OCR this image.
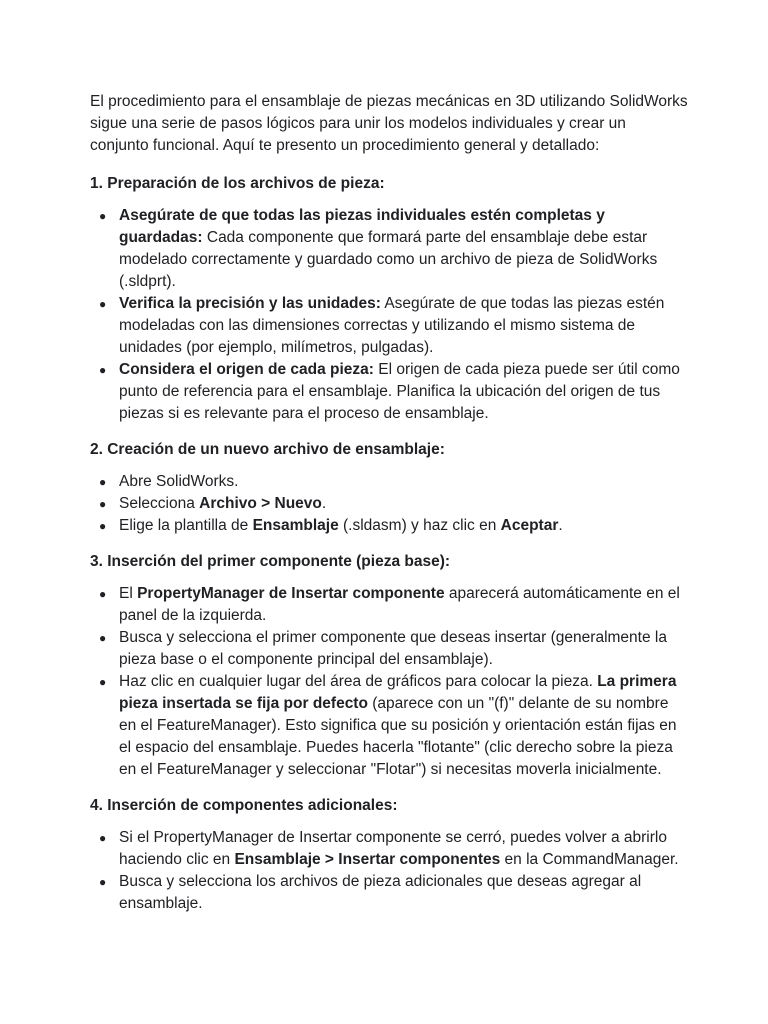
El procedimiento para el ensamblaje de piezas mecánicas en 3D utilizando SolidWorks sigue una serie de pasos lógicos para unir los modelos individuales y crear un conjunto funcional. Aquí te presento un procedimiento general y detallado:

1. Preparación de los archivos de pieza:

● Asegúrate de que todas las piezas individuales estén completas y guardadas: Cada componente que formará parte del ensamblaje debe estar modelado correctamente y guardado como un archivo de pieza de SolidWorks (.sldprt).
● Verifica la precisión y las unidades: Asegúrate de que todas las piezas estén modeladas con las dimensiones correctas y utilizando el mismo sistema de unidades (por ejemplo, milímetros, pulgadas).
● Considera el origen de cada pieza: El origen de cada pieza puede ser útil como punto de referencia para el ensamblaje. Planifica la ubicación del origen de tus piezas si es relevante para el proceso de ensamblaje.

2. Creación de un nuevo archivo de ensamblaje:

● Abre SolidWorks.
● Selecciona Archivo > Nuevo.
● Elige la plantilla de Ensamblaje (.sldasm) y haz clic en Aceptar.

3. Inserción del primer componente (pieza base):

● El PropertyManager de Insertar componente aparecerá automáticamente en el panel de la izquierda.
● Busca y selecciona el primer componente que deseas insertar (generalmente la pieza base o el componente principal del ensamblaje).
● Haz clic en cualquier lugar del área de gráficos para colocar la pieza. La primera pieza insertada se fija por defecto (aparece con un "(f)" delante de su nombre en el FeatureManager). Esto significa que su posición y orientación están fijas en el espacio del ensamblaje. Puedes hacerla "flotante" (clic derecho sobre la pieza en el FeatureManager y seleccionar "Flotar") si necesitas moverla inicialmente.

4. Inserción de componentes adicionales:

● Si el PropertyManager de Insertar componente se cerró, puedes volver a abrirlo haciendo clic en Ensamblaje > Insertar componentes en la CommandManager.
● Busca y selecciona los archivos de pieza adicionales que deseas agregar al ensamblaje.
